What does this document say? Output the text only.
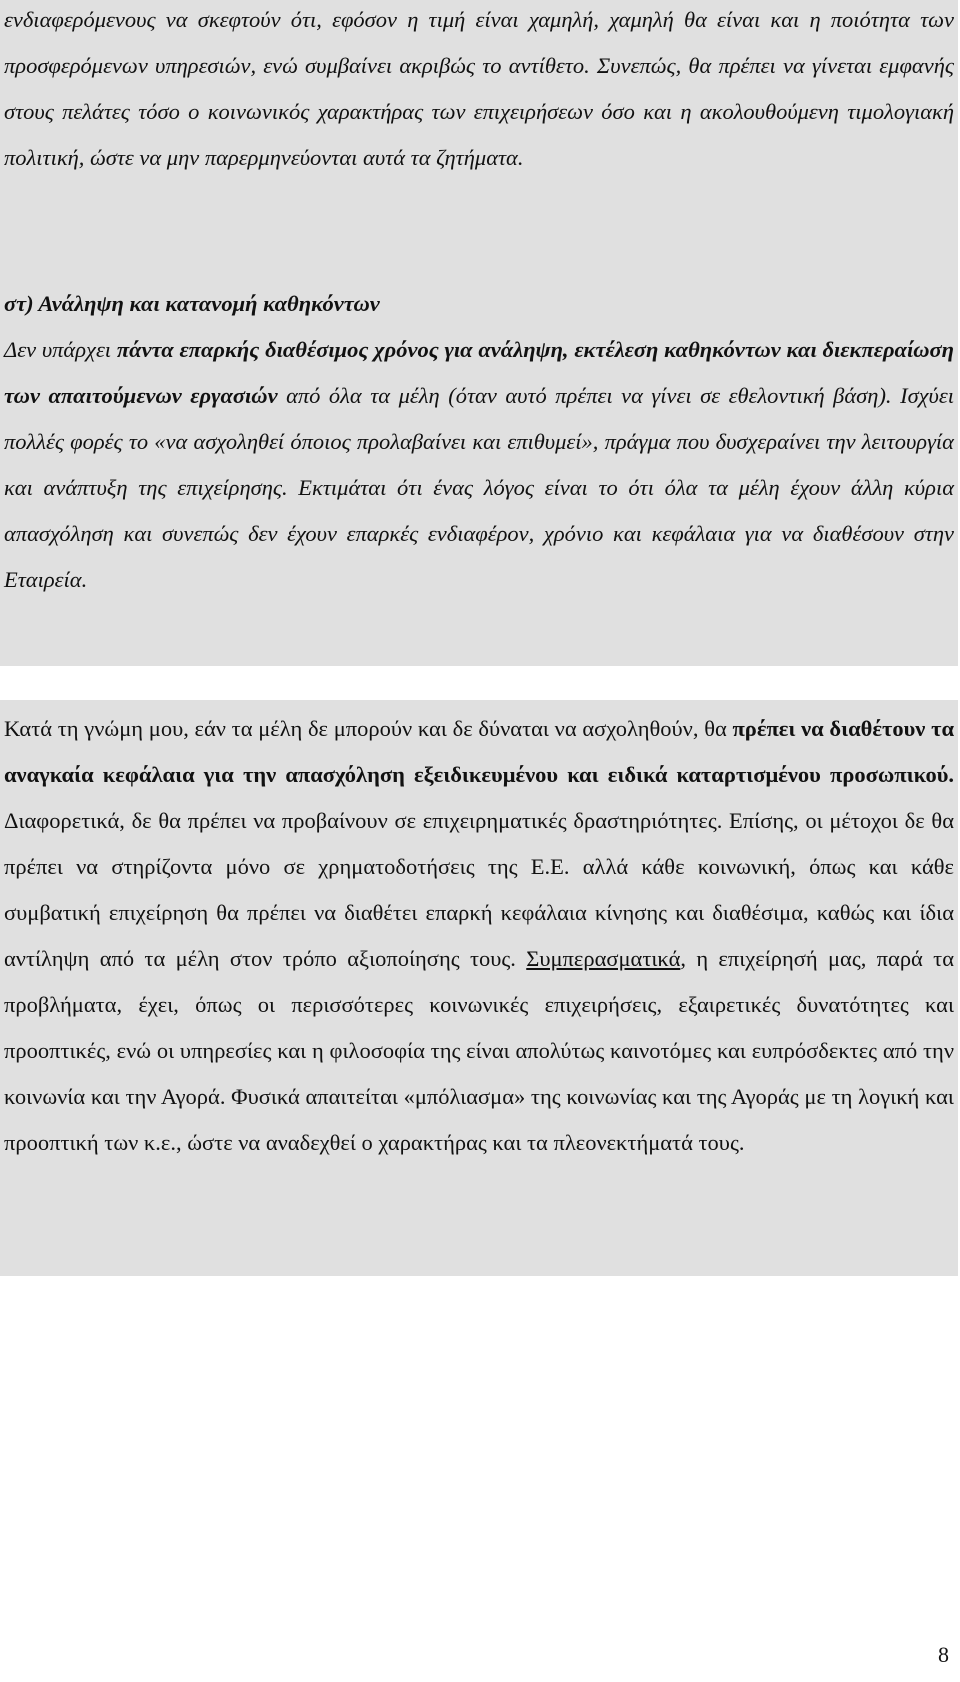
ενδιαφερόμενους να σκεφτούν ότι, εφόσον η τιμή είναι χαμηλή, χαμηλή θα είναι και η ποιότητα των προσφερόμενων υπηρεσιών, ενώ συμβαίνει ακριβώς το αντίθετο. Συνεπώς, θα πρέπει να γίνεται εμφανής στους πελάτες τόσο ο κοινωνικός χαρακτήρας των επιχειρήσεων όσο και η ακολουθούμενη τιμολογιακή πολιτική, ώστε να μην παρερμηνεύονται αυτά τα ζητήματα.

στ) Ανάληψη και κατανομή καθηκόντων

Δεν υπάρχει πάντα επαρκής διαθέσιμος χρόνος για ανάληψη, εκτέλεση καθηκόντων και διεκπεραίωση των απαιτούμενων εργασιών από όλα τα μέλη (όταν αυτό πρέπει να γίνει σε εθελοντική βάση). Ισχύει πολλές φορές το «να ασχοληθεί όποιος προλαβαίνει και επιθυμεί», πράγμα που δυσχεραίνει την λειτουργία και ανάπτυξη της επιχείρησης. Εκτιμάται ότι ένας λόγος είναι το ότι όλα τα μέλη έχουν άλλη κύρια απασχόληση και συνεπώς δεν έχουν επαρκές ενδιαφέρον, χρόνιο και κεφάλαια για να διαθέσουν στην Εταιρεία.

Κατά τη γνώμη μου, εάν τα μέλη δε μπορούν και δε δύναται να ασχοληθούν, θα πρέπει να διαθέτουν τα αναγκαία κεφάλαια για την απασχόληση εξειδικευμένου και ειδικά καταρτισμένου προσωπικού. Διαφορετικά, δε θα πρέπει να προβαίνουν σε επιχειρηματικές δραστηριότητες. Επίσης, οι μέτοχοι δε θα πρέπει να στηρίζοντα μόνο σε χρηματοδοτήσεις της Ε.Ε. αλλά κάθε κοινωνική, όπως και κάθε συμβατική επιχείρηση θα πρέπει να διαθέτει επαρκή κεφάλαια κίνησης και διαθέσιμα, καθώς και ίδια αντίληψη από τα μέλη στον τρόπο αξιοποίησης τους. Συμπερασματικά, η επιχείρησή μας, παρά τα προβλήματα, έχει, όπως οι περισσότερες κοινωνικές επιχειρήσεις, εξαιρετικές δυνατότητες και προοπτικές, ενώ οι υπηρεσίες και η φιλοσοφία της είναι απολύτως καινοτόμες και ευπρόσδεκτες από την κοινωνία και την Αγορά. Φυσικά απαιτείται «μπόλιασμα» της κοινωνίας και της Αγοράς με τη λογική και προοπτική των κ.ε., ώστε να αναδεχθεί ο χαρακτήρας και τα πλεονεκτήματά τους.

8
